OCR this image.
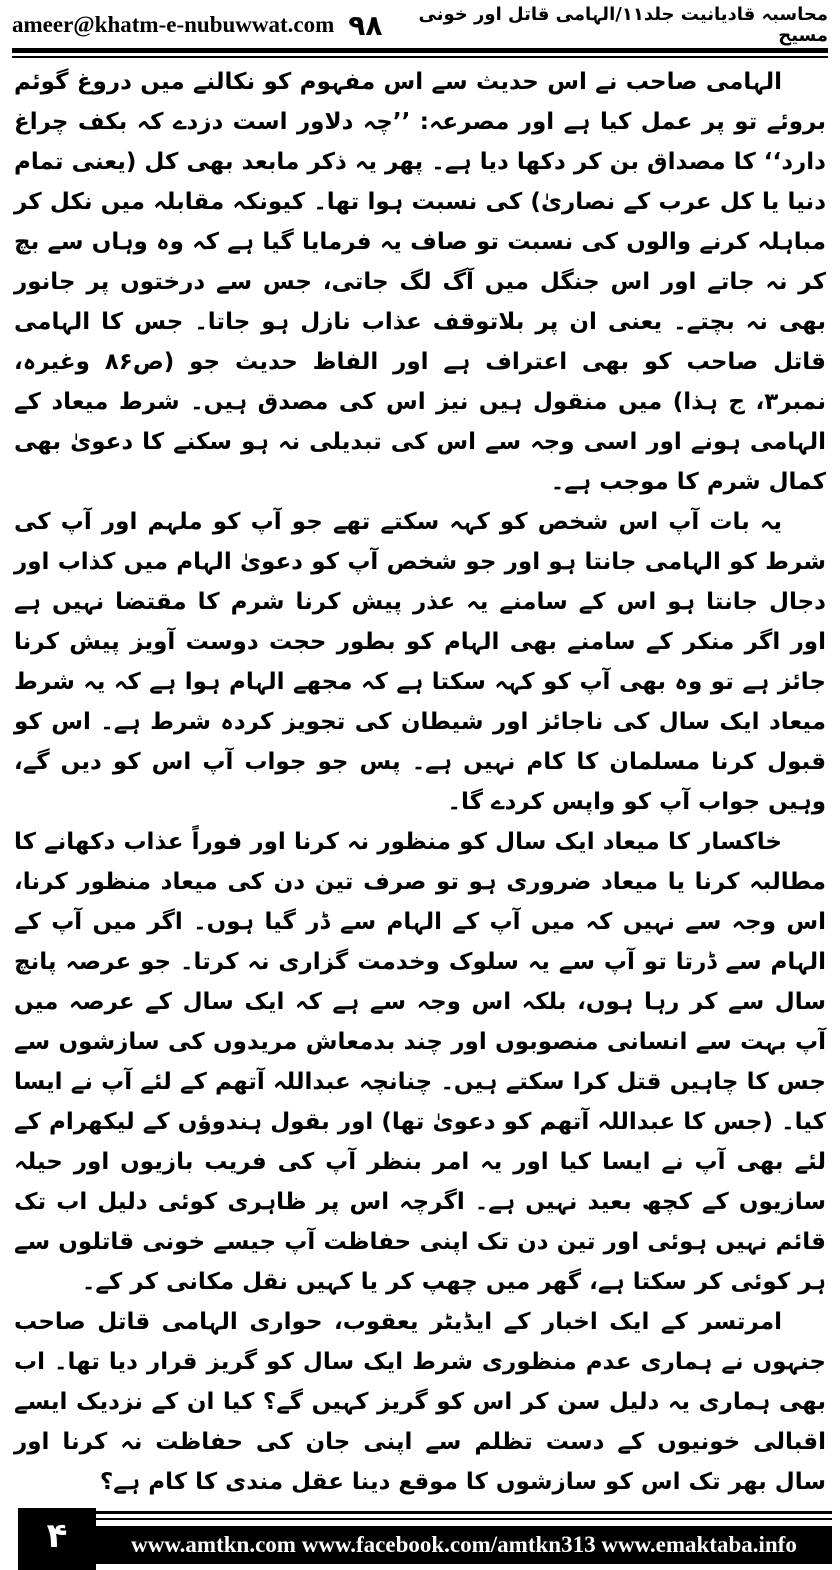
ameer@khatm-e-nubuwwat.com ۹۸	محاسبہ قادیانیت جلد۱۱/الہامی قاتل اور خونی مسیح

الہامی صاحب نے اس حدیث سے اس مفہوم کو نکالنے میں دروغ گوئم بروئے تو پر عمل کیا ہے اور مصرعہ: ’’چہ دلاور است دزدے کہ بکف چراغ دارد‘‘ کا مصداق بن کر دکھا دیا ہے۔ پھر یہ ذکر مابعد بھی کل (یعنی تمام دنیا یا کل عرب کے نصاریٰ) کی نسبت ہوا تھا۔ کیونکہ مقابلہ میں نکل کر مباہلہ کرنے والوں کی نسبت تو صاف یہ فرمایا گیا ہے کہ وہ وہاں سے بچ کر نہ جاتے اور اس جنگل میں آگ لگ جاتی، جس سے درختوں پر جانور بھی نہ بچتے۔ یعنی ان پر بلاتوقف عذاب نازل ہو جاتا۔ جس کا الہامی قاتل صاحب کو بھی اعتراف ہے اور الفاظ حدیث جو (ص۸۶ وغیرہ، نمبر۳، ج ہذا) میں منقول ہیں نیز اس کی مصدق ہیں۔ شرط میعاد کے الہامی ہونے اور اسی وجہ سے اس کی تبدیلی نہ ہو سکنے کا دعویٰ بھی کمال شرم کا موجب ہے۔

یہ بات آپ اس شخص کو کہہ سکتے تھے جو آپ کو ملہم اور آپ کی شرط کو الہامی جانتا ہو اور جو شخص آپ کو دعویٰ الہام میں کذاب اور دجال جانتا ہو اس کے سامنے یہ عذر پیش کرنا شرم کا مقتضا نہیں ہے اور اگر منکر کے سامنے بھی الہام کو بطور حجت دوست آویز پیش کرنا جائز ہے تو وہ بھی آپ کو کہہ سکتا ہے کہ مجھے الہام ہوا ہے کہ یہ شرط میعاد ایک سال کی ناجائز اور شیطان کی تجویز کردہ شرط ہے۔ اس کو قبول کرنا مسلمان کا کام نہیں ہے۔ پس جو جواب آپ اس کو دیں گے، وہیں جواب آپ کو واپس کردے گا۔

خاکسار کا میعاد ایک سال کو منظور نہ کرنا اور فوراً عذاب دکھانے کا مطالبہ کرنا یا میعاد ضروری ہو تو صرف تین دن کی میعاد منظور کرنا، اس وجہ سے نہیں کہ میں آپ کے الہام سے ڈر گیا ہوں۔ اگر میں آپ کے الہام سے ڈرتا تو آپ سے یہ سلوک وخدمت گزاری نہ کرتا۔ جو عرصہ پانچ سال سے کر رہا ہوں، بلکہ اس وجہ سے ہے کہ ایک سال کے عرصہ میں آپ بہت سے انسانی منصوبوں اور چند بدمعاش مریدوں کی سازشوں سے جس کا چاہیں قتل کرا سکتے ہیں۔ چنانچہ عبداللہ آتھم کے لئے آپ نے ایسا کیا۔ (جس کا عبداللہ آتھم کو دعویٰ تھا) اور بقول ہندوؤں کے لیکھرام کے لئے بھی آپ نے ایسا کیا اور یہ امر بنظر آپ کی فریب بازیوں اور حیلہ سازیوں کے کچھ بعید نہیں ہے۔ اگرچہ اس پر ظاہری کوئی دلیل اب تک قائم نہیں ہوئی اور تین دن تک اپنی حفاظت آپ جیسے خونی قاتلوں سے ہر کوئی کر سکتا ہے، گھر میں چھپ کر یا کہیں نقل مکانی کر کے۔

امرتسر کے ایک اخبار کے ایڈیٹر یعقوب، حواری الہامی قاتل صاحب جنہوں نے ہماری عدم منظوری شرط ایک سال کو گریز قرار دیا تھا۔ اب بھی ہماری یہ دلیل سن کر اس کو گریز کہیں گے؟ کیا ان کے نزدیک ایسے اقبالی خونیوں کے دست تظلم سے اپنی جان کی حفاظت نہ کرنا اور سال بھر تک اس کو سازشوں کا موقع دینا عقل مندی کا کام ہے؟

۴	www.amtkn.com www.facebook.com/amtkn313 www.emaktaba.info
